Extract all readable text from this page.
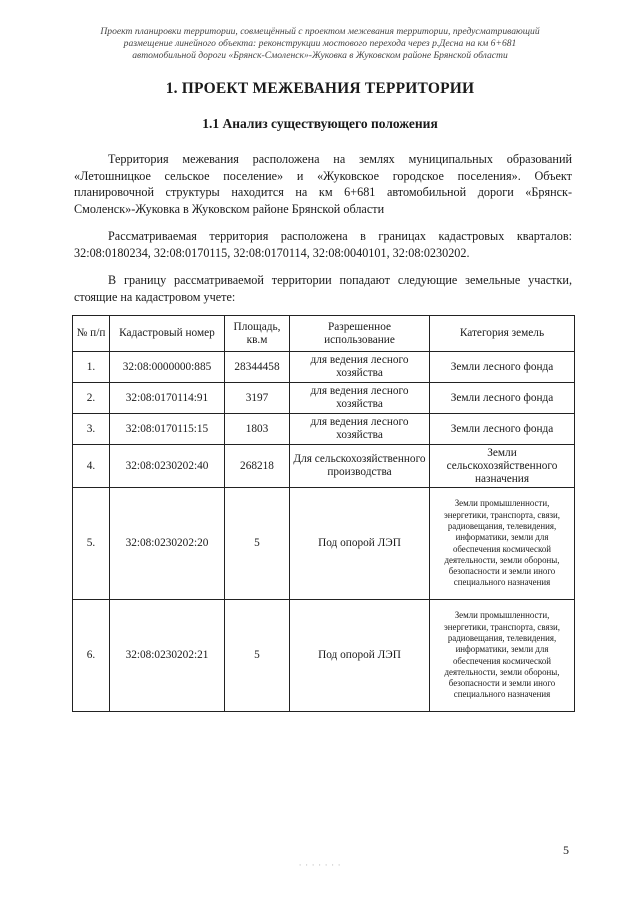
Проект планировки территории, совмещённый с проектом межевания территории, предусматривающий
размещение линейного объекта: реконструкции мостового перехода через р.Десна на км 6+681
автомобильной дороги «Брянск-Смоленск»-Жуковка в Жуковском районе Брянской области
1. ПРОЕКТ МЕЖЕВАНИЯ ТЕРРИТОРИИ
1.1 Анализ существующего положения

Территория межевания расположена на землях муниципальных образований
«Летошницкое сельское поселение» и «Жуковское городское поселения». Объект
планировочной структуры находится на км 6+681 автомобильной дороги «Брянск-
Смоленск»-Жуковка в Жуковском районе Брянской области

Рассматриваемая территория расположена в границах кадастровых кварталов:
32:08:0180234, 32:08:0170115, 32:08:0170114, 32:08:0040101, 32:08:0230202.

В границу рассматриваемой территории попадают следующие земельные участки,
стоящие на кадастровом учете:

№ п/п	Кадастровый номер	Площадь, кв.м	Разрешенное использование	Категория земель
1.	32:08:0000000:885	28344458	для ведения лесного хозяйства	Земли лесного фонда
2.	32:08:0170114:91	3197	для ведения лесного хозяйства	Земли лесного фонда
3.	32:08:0170115:15	1803	для ведения лесного хозяйства	Земли лесного фонда
4.	32:08:0230202:40	268218	Для сельскохозяйственного производства	Земли сельскохозяйственного назначения
5.	32:08:0230202:20	5	Под опорой ЛЭП	Земли промышленности, энергетики, транспорта, связи, радиовещания, телевидения, информатики, земли для обеспечения космической деятельности, земли обороны, безопасности и земли иного специального назначения
6.	32:08:0230202:21	5	Под опорой ЛЭП	Земли промышленности, энергетики, транспорта, связи, радиовещания, телевидения, информатики, земли для обеспечения космической деятельности, земли обороны, безопасности и земли иного специального назначения
5
· · · · · · ·
